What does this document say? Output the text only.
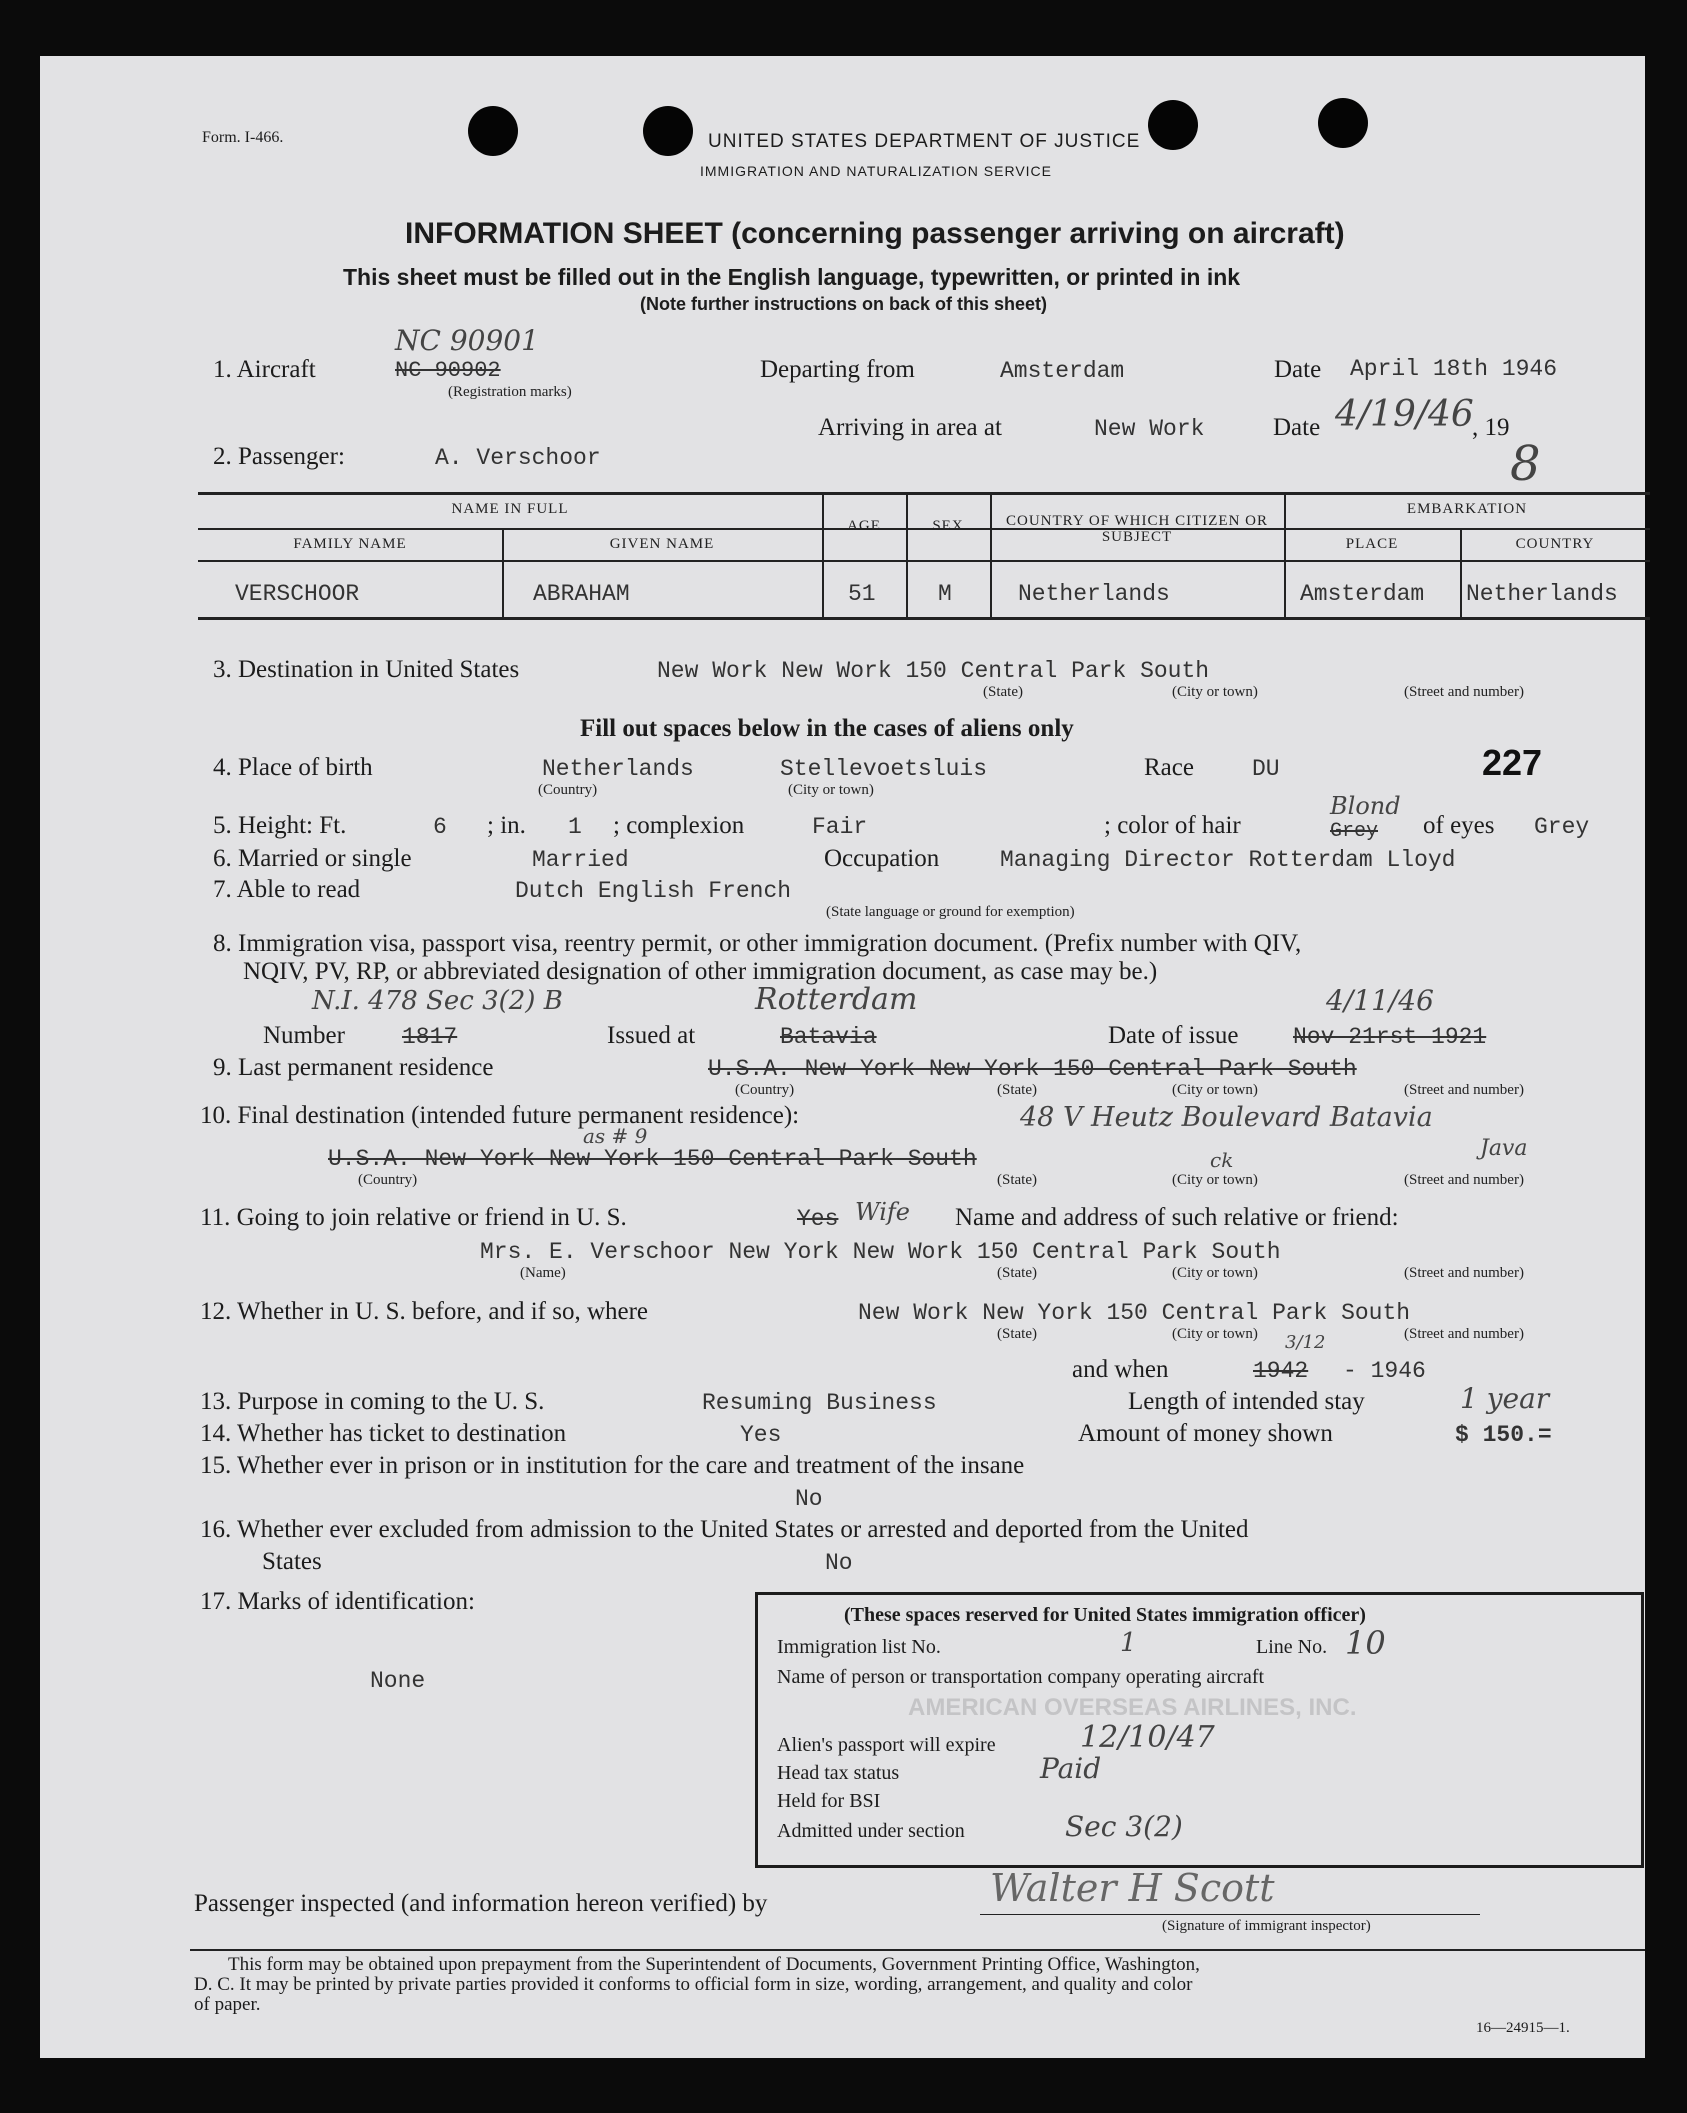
Form. I-466.	UNITED STATES DEPARTMENT OF JUSTICE
IMMIGRATION AND NATURALIZATION SERVICE
INFORMATION SHEET (concerning passenger arriving on aircraft)
This sheet must be filled out in the English language, typewritten, or printed in ink
(Note further instructions on back of this sheet)
NC 90901
1. Aircraft	NC 90902
(Registration marks)
Departing from	Amsterdam	Date April 18th 1946
Arriving in area at	New Work	Date 4/19/46
, 19
8
2. Passenger:	A. Verschoor
NAME IN FULL
FAMILY NAME	GIVEN NAME
AGE	SEX	COUNTRY OF WHICH CITIZEN OR SUBJECT
EMBARKATION
PLACE	COUNTRY
VERSCHOOR	ABRAHAM	51	M	Netherlands	Amsterdam Netherlands
3. Destination in United States	New Work New Work 150 Central Park South
(State)	(City or town)	(Street and number)
Fill out spaces below in the cases of aliens only
4. Place of birth	Netherlands	Stellevoetsluis
(Country)	(City or town)
Race	DU	227
5. Height: Ft.	6 ; in. 1 ; complexion	Fair	; color of hair
Blond
Grey of eyes Grey
6. Married or single	Married	Occupation	Managing Director Rotterdam Lloyd
7. Able to read	Dutch English French
(State language or ground for exemption)
8. Immigration visa, passport visa, reentry permit, or other immigration document. (Prefix number with QIV,
NQIV, PV, RP, or abbreviated designation of other immigration document, as case may be.)
N.I. 478 Sec 3(2) B	Rotterdam	4/11/46
Number 1817	Issued at	Batavia	Date of issue Nov 21rst 1921
9. Last permanent residence	U.S.A. New York New York 150 Central Park South
(Country)	(State)	(City or town)	(Street and number)
10. Final destination (intended future permanent residence):	48 V Heutz Boulevard Batavia
Java
as # 9
ck
U.S.A. New York New York 150 Central Park South
(Country)	(State)	(City or town)	(Street and number)
11. Going to join relative or friend in U. S.	Yes Wife Name and address of such relative or friend:
Mrs. E. Verschoor New York New Work 150 Central Park South
(Name)	(State)	(City or town)	(Street and number)
12. Whether in U. S. before, and if so, where	New Work New York 150 Central Park South
(State)	(City or town)	(Street and number)
and when
3/12
1942 - 1946
13. Purpose in coming to the U. S.	Resuming Business	Length of intended stay	1 year
14. Whether has ticket to destination	Yes	Amount of money shown	$ 150.=
15. Whether ever in prison or in institution for the care and treatment of the insane
No
16. Whether ever excluded from admission to the United States or arrested and deported from the United
States	No
17. Marks of identification:
None
(These spaces reserved for United States immigration officer)
Immigration list No.	1	Line No. 10
Name of person or transportation company operating aircraft
AMERICAN OVERSEAS AIRLINES, INC.
Alien's passport will expire	12/10/47
Head tax status	Paid
Held for BSI
Admitted under section	Sec 3(2)
Passenger inspected (and information hereon verified) by	Walter H Scott
(Signature of immigrant inspector)
This form may be obtained upon prepayment from the Superintendent of Documents, Government Printing Office, Washington,
D. C. It may be printed by private parties provided it conforms to official form in size, wording, arrangement, and quality and color
of paper.
16—24915—1.
